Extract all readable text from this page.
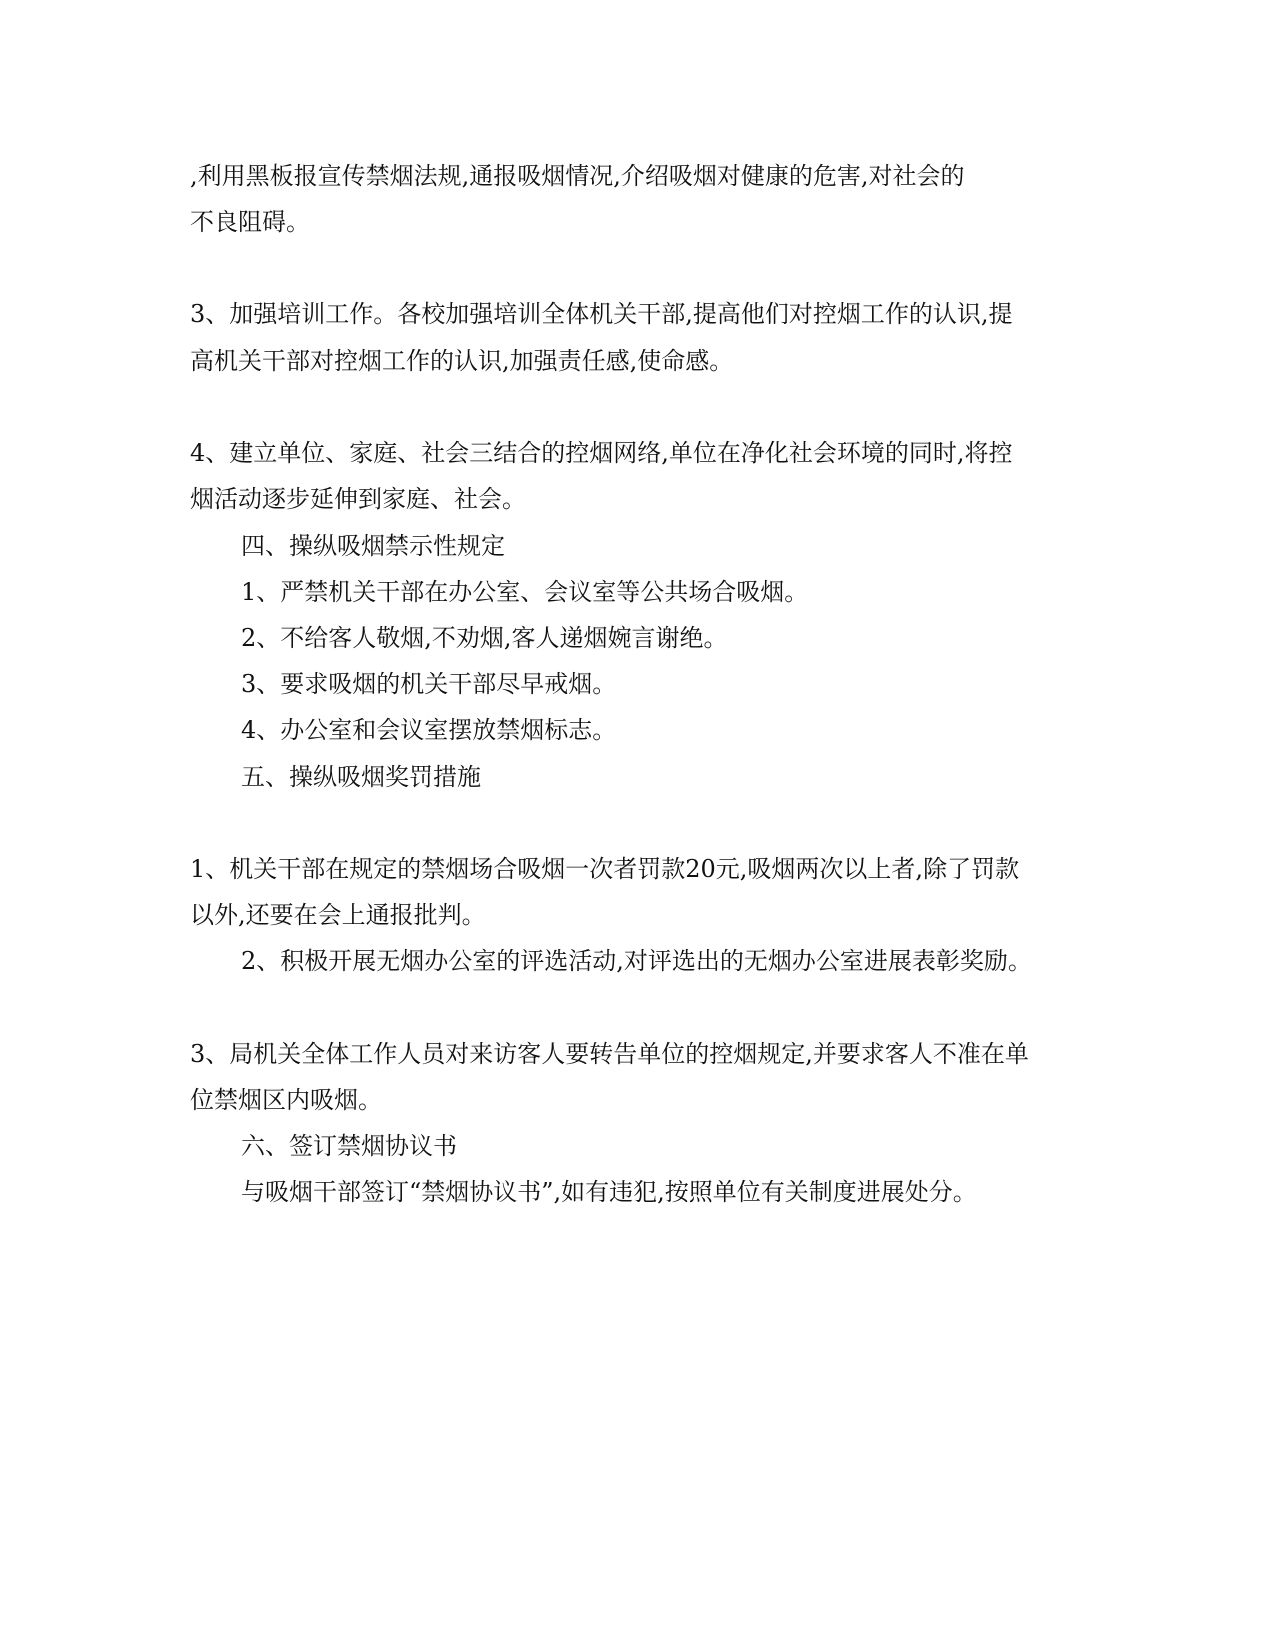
,利用黑板报宣传禁烟法规,通报吸烟情况,介绍吸烟对健康的危害,对社会的
不良阻碍。
3、加强培训工作。各校加强培训全体机关干部,提高他们对控烟工作的认识,提
高机关干部对控烟工作的认识,加强责任感,使命感。
4、建立单位、家庭、社会三结合的控烟网络,单位在净化社会环境的同时,将控
烟活动逐步延伸到家庭、社会。
四、操纵吸烟禁示性规定
1、严禁机关干部在办公室、会议室等公共场合吸烟。
2、不给客人敬烟,不劝烟,客人递烟婉言谢绝。
3、要求吸烟的机关干部尽早戒烟。
4、办公室和会议室摆放禁烟标志。
五、操纵吸烟奖罚措施
1、机关干部在规定的禁烟场合吸烟一次者罚款20元,吸烟两次以上者,除了罚款
以外,还要在会上通报批判。
2、积极开展无烟办公室的评选活动,对评选出的无烟办公室进展表彰奖励。
3、局机关全体工作人员对来访客人要转告单位的控烟规定,并要求客人不准在单
位禁烟区内吸烟。
六、签订禁烟协议书
与吸烟干部签订“禁烟协议书”,如有违犯,按照单位有关制度进展处分。
